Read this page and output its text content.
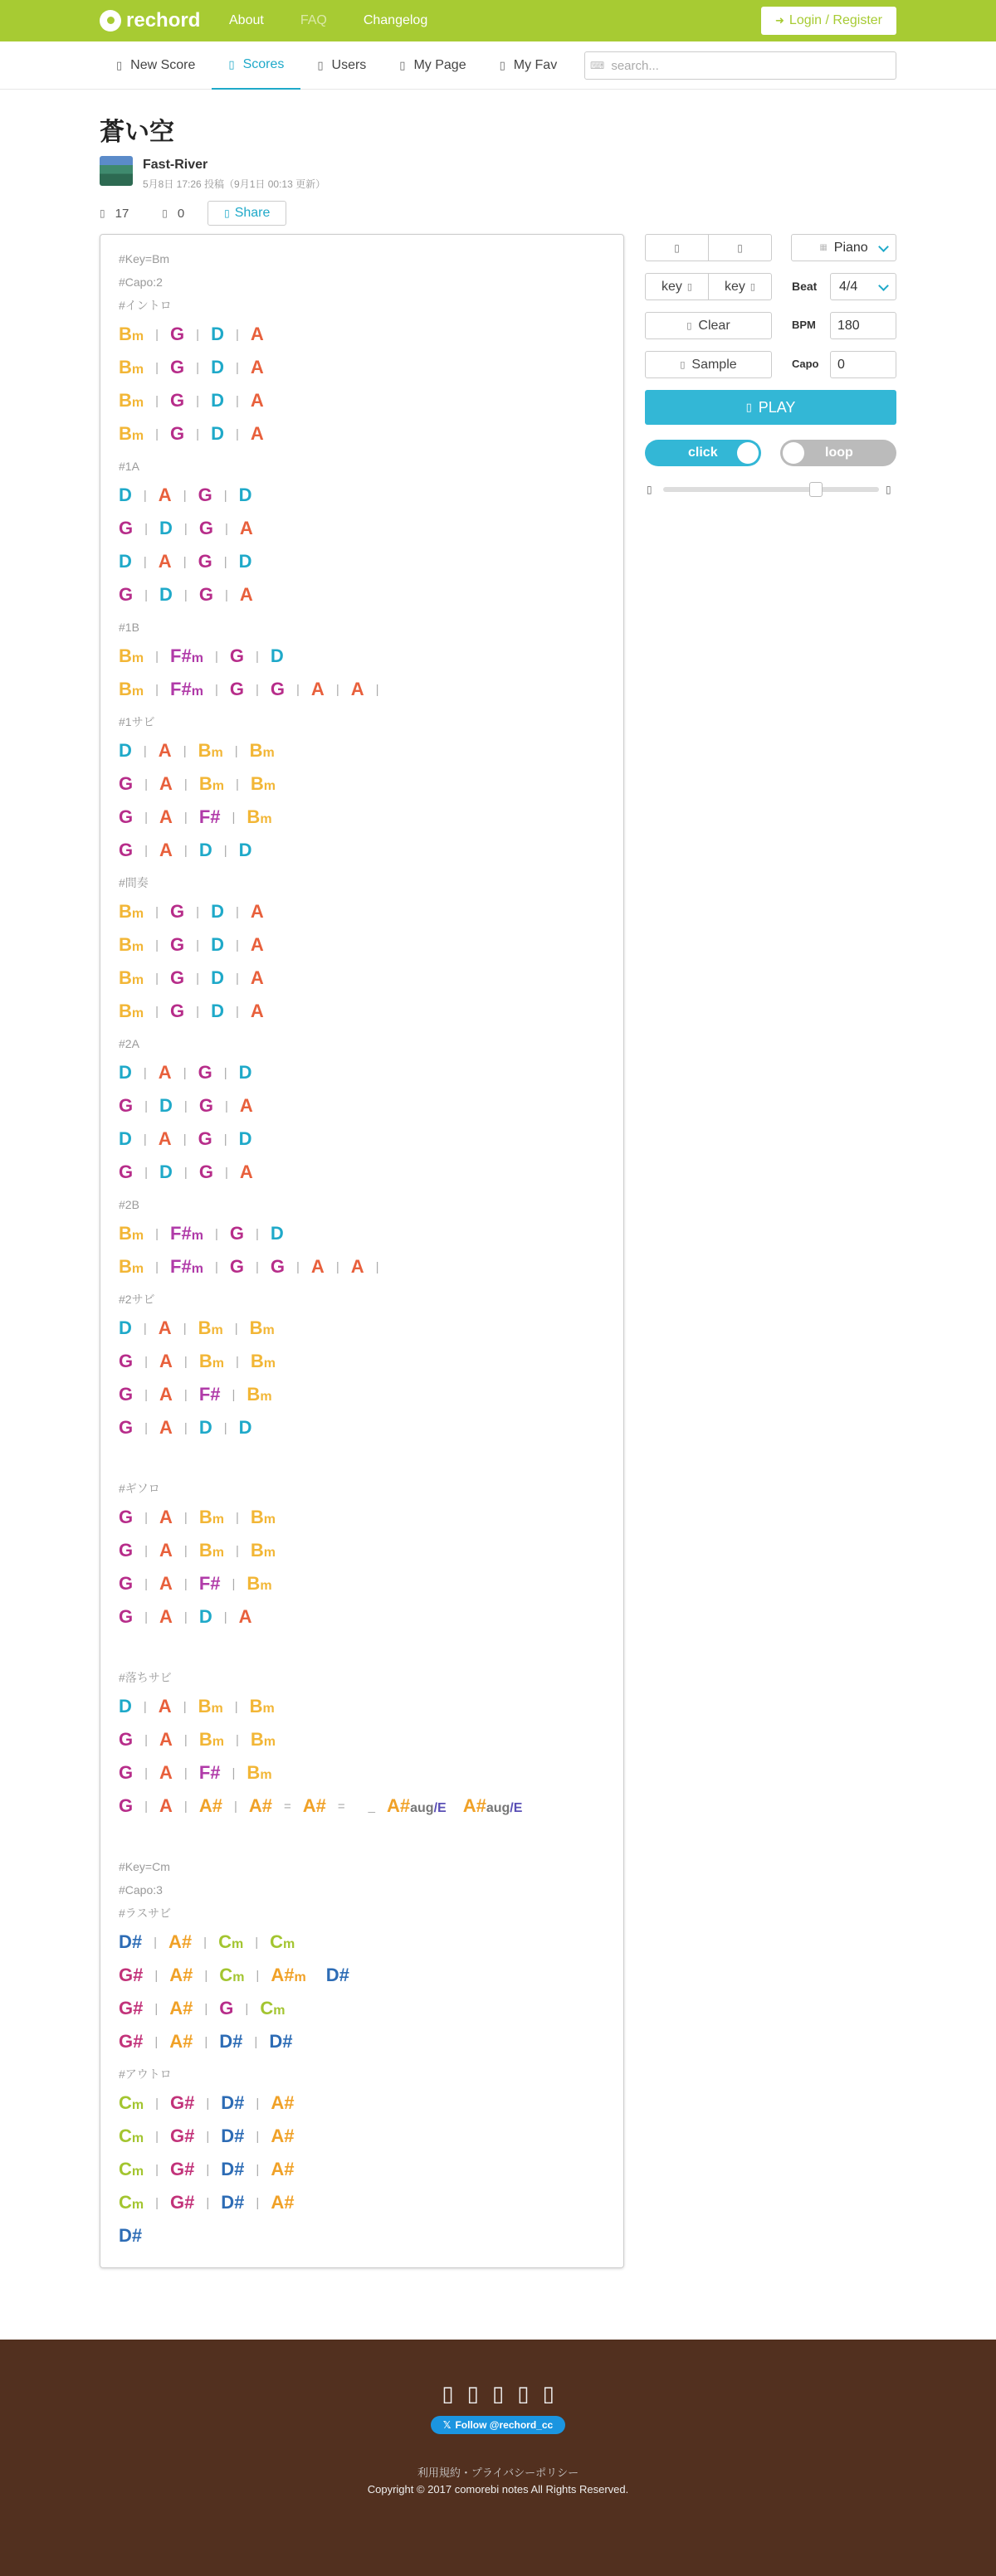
rechord About	FAQ	Changelog	➜ Login / Register
▯ New Score	▯ Scores	▯ Users	▯ My Page	▯ My Fav	⌨ search...
蒼い空
Fast-River
5月8日 17:26 投稿（9月1日 00:13 更新）
▯ 17	▯ 0	▯ Share
#Key=Bm
#Capo:2
#イントロ
Bm | G | D | A
Bm | G | D | A
Bm | G | D | A
Bm | G | D | A
#1A
D | A | G | D
G | D | G | A
D | A | G | D
G | D | G | A
#1B
Bm | F#m | G | D
Bm | F#m | G | G | A | A |
#1サビ
D | A | Bm | Bm
G | A | Bm | Bm
G | A | F# | Bm
G | A | D | D
#間奏
Bm | G | D | A
Bm | G | D | A
Bm | G | D | A
Bm | G | D | A
#2A
D | A | G | D
G | D | G | A
D | A | G | D
G | D | G | A
#2B
Bm | F#m | G | D
Bm | F#m | G | G | A | A |
#2サビ
D | A | Bm | Bm
G | A | Bm | Bm
G | A | F# | Bm
G | A | D | D
#ギソロ
G | A | Bm | Bm
G | A | Bm | Bm
G | A | F# | Bm
G | A | D | A
#落ちサビ
D | A | Bm | Bm
G | A | Bm | Bm
G | A | F# | Bm
G | A | A# | A# = A# = _ A#aug/E A#aug/E
#Key=Cm
#Capo:3
#ラスサビ
D# | A# | Cm | Cm
G# | A# | Cm | A#m D#
G# | A# | G | Cm
G# | A# | D# | D#
#アウトロ
Cm | G# | D# | A#
Cm | G# | D# | A#
Cm | G# | D# | A#
Cm | G# | D# | A#
D#
▯	▯	▦ Piano
key ▯ key ▯	Beat 4/4
▯ Clear	BPM 180
▯ Sample	Capo 0
▯ PLAY
click	loop
▯	▯
▯ ▯ ▯ ▯ ▯
𝕏 Follow @rechord_cc
利用規約・プライバシーポリシー
Copyright © 2017 comorebi notes All Rights Reserved.
